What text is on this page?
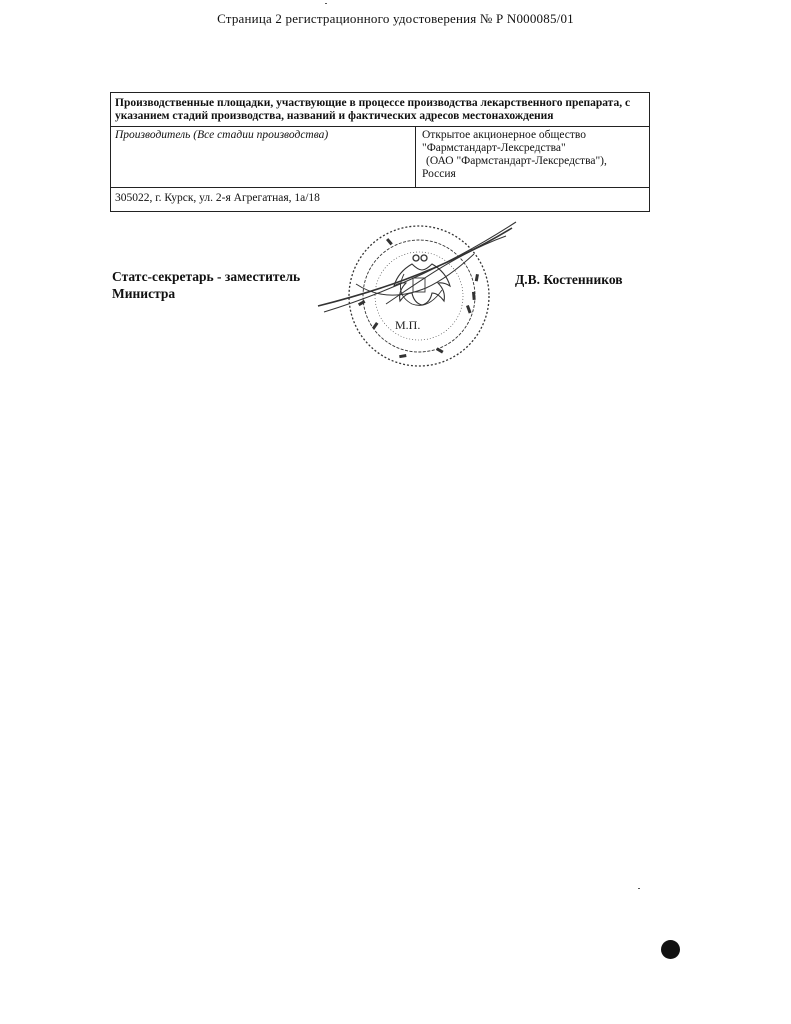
Страница 2 регистрационного удостоверения № Р N000085/01
Производственные площадки, участвующие в процессе производства лекарственного препарата, с указанием стадий производства, названий и фактических адресов местонахождения
Производитель (Все стадии производства)	Открытое акционерное общество
"Фармстандарт-Лексредства"
(ОАО "Фармстандарт-Лексредства"),
Россия

305022, г. Курск, ул. 2-я Агрегатная, 1а/18
Статс-секретарь - заместитель
Министра
М.П.
Д.В. Костенников
